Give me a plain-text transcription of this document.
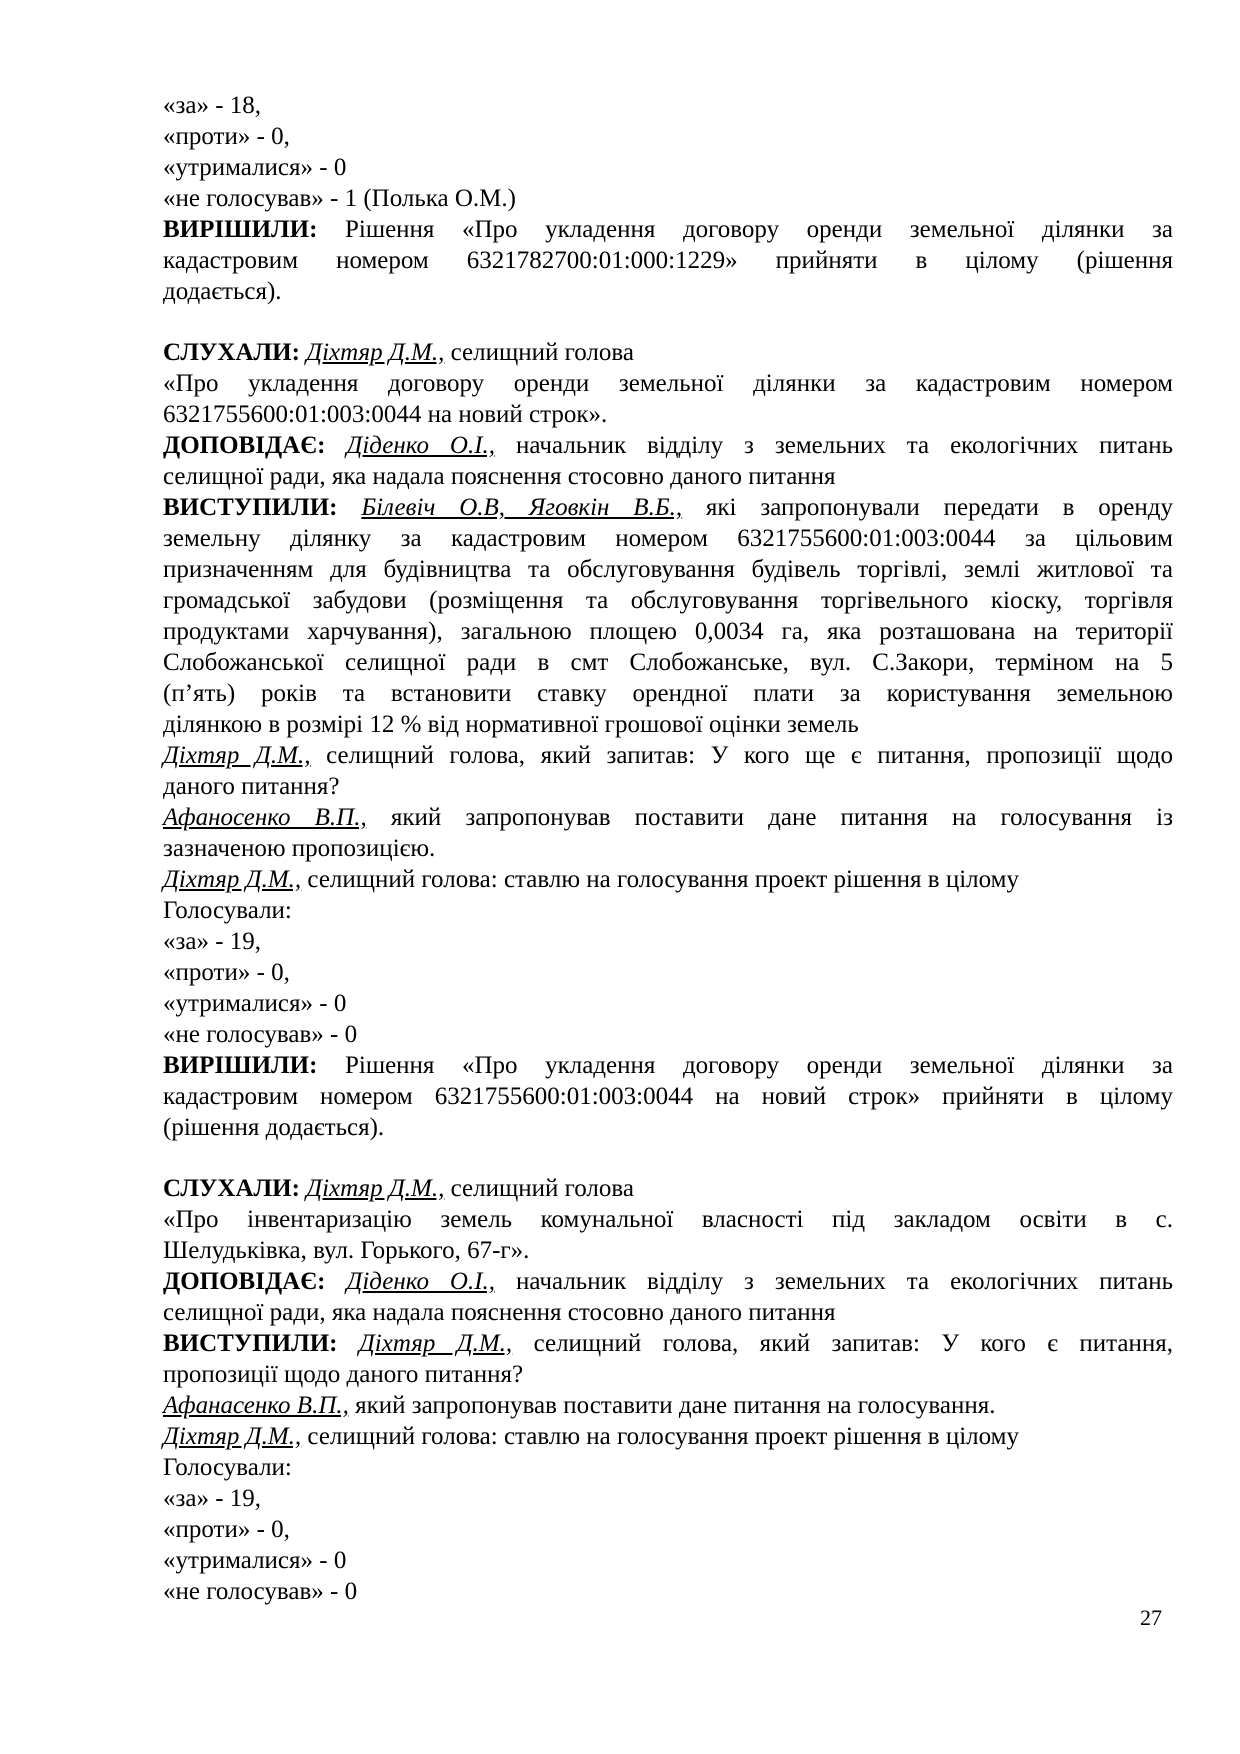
«за» - 18,
«проти» - 0,
«утрималися» - 0
«не голосував» - 1 (Полька О.М.)
ВИРІШИЛИ: Рішення «Про укладення договору оренди земельної ділянки за
кадастровим номером 6321782700:01:000:1229» прийняти в цілому (рішення
додається).
СЛУХАЛИ: Діхтяр Д.М., селищний голова
«Про укладення договору оренди земельної ділянки за кадастровим номером
6321755600:01:003:0044 на новий строк».
ДОПОВІДАЄ: Діденко О.І., начальник відділу з земельних та екологічних питань
селищної ради, яка надала пояснення стосовно даного питання
ВИСТУПИЛИ: Білевіч О.В, Яговкін В.Б., які запропонували передати в оренду
земельну ділянку за кадастровим номером 6321755600:01:003:0044 за цільовим
призначенням для будівництва та обслуговування будівель торгівлі, землі житлової та
громадської забудови (розміщення та обслуговування торгівельного кіоску, торгівля
продуктами харчування), загальною площею 0,0034 га, яка розташована на території
Слобожанської селищної ради в смт Слобожанське, вул. С.Закори, терміном на 5
(п’ять) років та встановити ставку орендної плати за користування земельною
ділянкою в розмірі 12 % від нормативної грошової оцінки земель
Діхтяр Д.М., селищний голова, який запитав: У кого ще є питання, пропозиції щодо
даного питання?
Афаносенко В.П., який запропонував поставити дане питання на голосування із
зазначеною пропозицією.
Діхтяр Д.М., селищний голова: ставлю на голосування проект рішення в цілому
Голосували:
«за» - 19,
«проти» - 0,
«утрималися» - 0
«не голосував» - 0
ВИРІШИЛИ: Рішення «Про укладення договору оренди земельної ділянки за
кадастровим номером 6321755600:01:003:0044 на новий строк» прийняти в цілому
(рішення додається).
СЛУХАЛИ: Діхтяр Д.М., селищний голова
«Про інвентаризацію земель комунальної власності під закладом освіти в с.
Шелудьківка, вул. Горького, 67-г».
ДОПОВІДАЄ: Діденко О.І., начальник відділу з земельних та екологічних питань
селищної ради, яка надала пояснення стосовно даного питання
ВИСТУПИЛИ: Діхтяр Д.М., селищний голова, який запитав: У кого є питання,
пропозиції щодо даного питання?
Афанасенко В.П., який запропонував поставити дане питання на голосування.
Діхтяр Д.М., селищний голова: ставлю на голосування проект рішення в цілому
Голосували:
«за» - 19,
«проти» - 0,
«утрималися» - 0
«не голосував» - 0
27
